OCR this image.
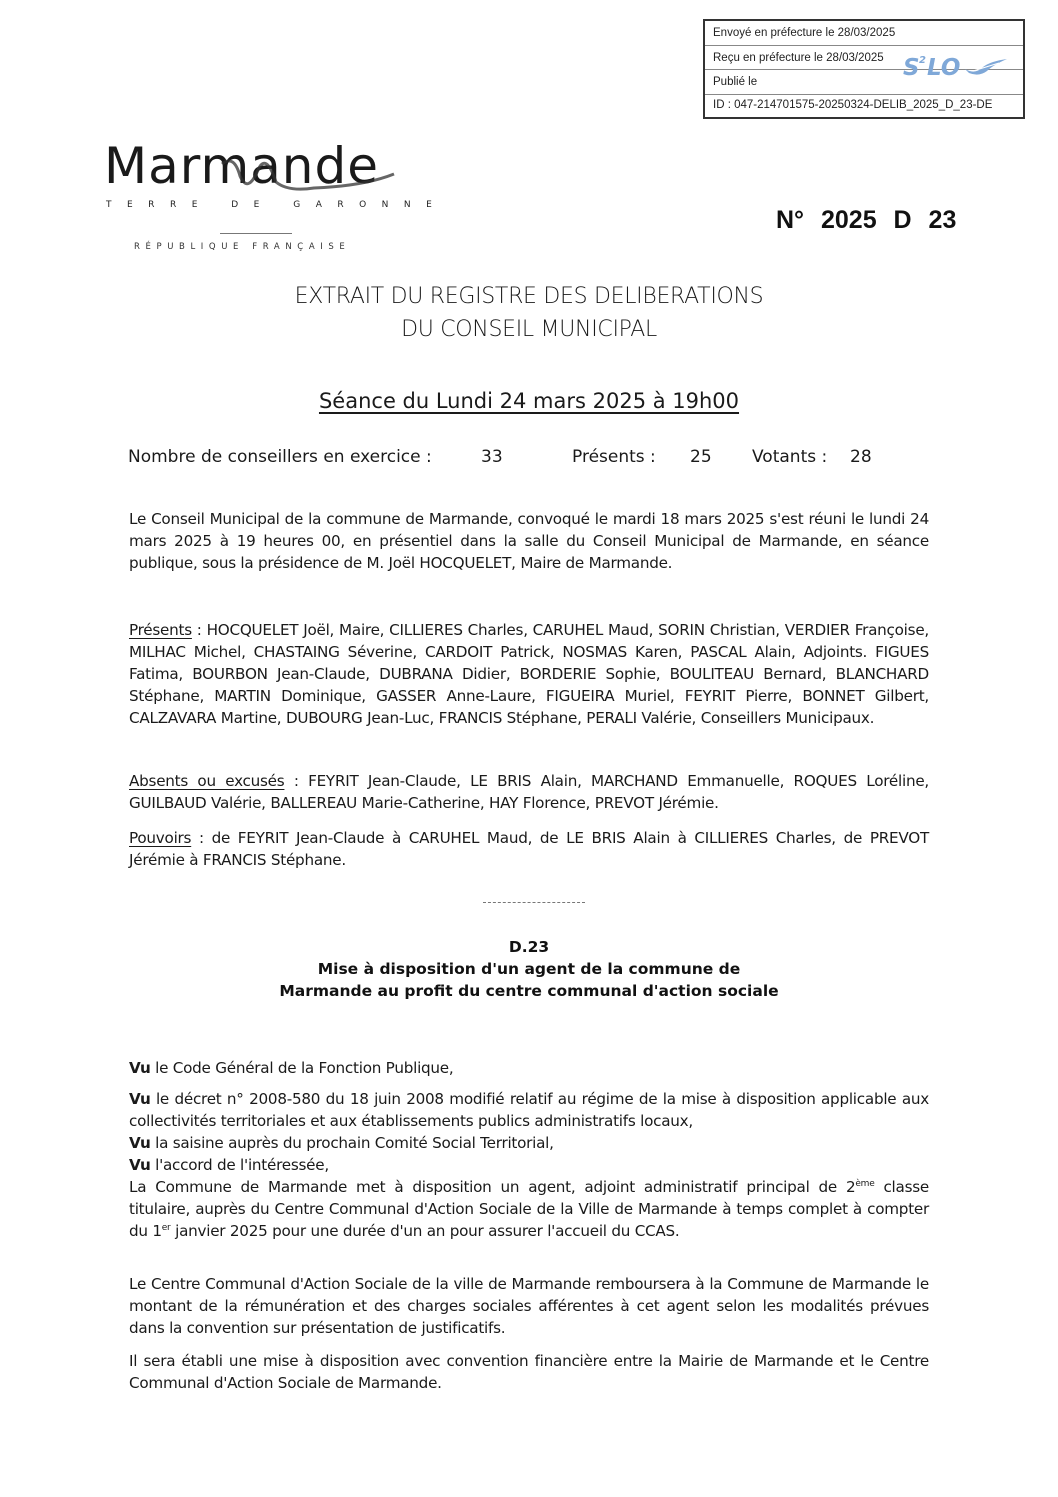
Envoyé en préfecture le 28/03/2025
Reçu en préfecture le 28/03/2025
Publié le
ID : 047-214701575-20250324-DELIB_2025_D_23-DE
S 2 LO
Marmande
TERRE DE GARONNE
RÉPUBLIQUE FRANÇAISE
N° 2025 D 23
EXTRAIT DU REGISTRE DES DELIBERATIONS
DU CONSEIL MUNICIPAL
Séance du Lundi 24 mars 2025 à 19h00
Nombre de conseillers en exercice :	33	Présents : 25 Votants : 28
Le Conseil Municipal de la commune de Marmande, convoqué le mardi 18 mars 2025 s'est réuni le lundi 24 mars 2025 à 19 heures 00, en présentiel dans la salle du Conseil Municipal de Marmande, en séance publique, sous la présidence de M. Joël HOCQUELET, Maire de Marmande.
Présents : HOCQUELET Joël, Maire, CILLIERES Charles, CARUHEL Maud, SORIN Christian, VERDIER Françoise, MILHAC Michel, CHASTAING Séverine, CARDOIT Patrick, NOSMAS Karen, PASCAL Alain, Adjoints. FIGUES Fatima, BOURBON Jean-Claude, DUBRANA Didier, BORDERIE Sophie, BOULITEAU Bernard, BLANCHARD Stéphane, MARTIN Dominique, GASSER Anne-Laure, FIGUEIRA Muriel, FEYRIT Pierre, BONNET Gilbert, CALZAVARA Martine, DUBOURG Jean-Luc, FRANCIS Stéphane, PERALI Valérie, Conseillers Municipaux.
Absents ou excusés : FEYRIT Jean-Claude, LE BRIS Alain, MARCHAND Emmanuelle, ROQUES Loréline, GUILBAUD Valérie, BALLEREAU Marie-Catherine, HAY Florence, PREVOT Jérémie.
Pouvoirs : de FEYRIT Jean-Claude à CARUHEL Maud, de LE BRIS Alain à CILLIERES Charles, de PREVOT Jérémie à FRANCIS Stéphane.
D.23
Mise à disposition d'un agent de la commune de
Marmande au profit du centre communal d'action sociale
Vu le Code Général de la Fonction Publique,
Vu le décret n° 2008-580 du 18 juin 2008 modifié relatif au régime de la mise à disposition applicable aux collectivités territoriales et aux établissements publics administratifs locaux,
Vu la saisine auprès du prochain Comité Social Territorial,
Vu l'accord de l'intéressée,
La Commune de Marmande met à disposition un agent, adjoint administratif principal de 2ème classe titulaire, auprès du Centre Communal d'Action Sociale de la Ville de Marmande à temps complet à compter du 1er janvier 2025 pour une durée d'un an pour assurer l'accueil du CCAS.
Le Centre Communal d'Action Sociale de la ville de Marmande remboursera à la Commune de Marmande le montant de la rémunération et des charges sociales afférentes à cet agent selon les modalités prévues dans la convention sur présentation de justificatifs.
Il sera établi une mise à disposition avec convention financière entre la Mairie de Marmande et le Centre Communal d'Action Sociale de Marmande.
